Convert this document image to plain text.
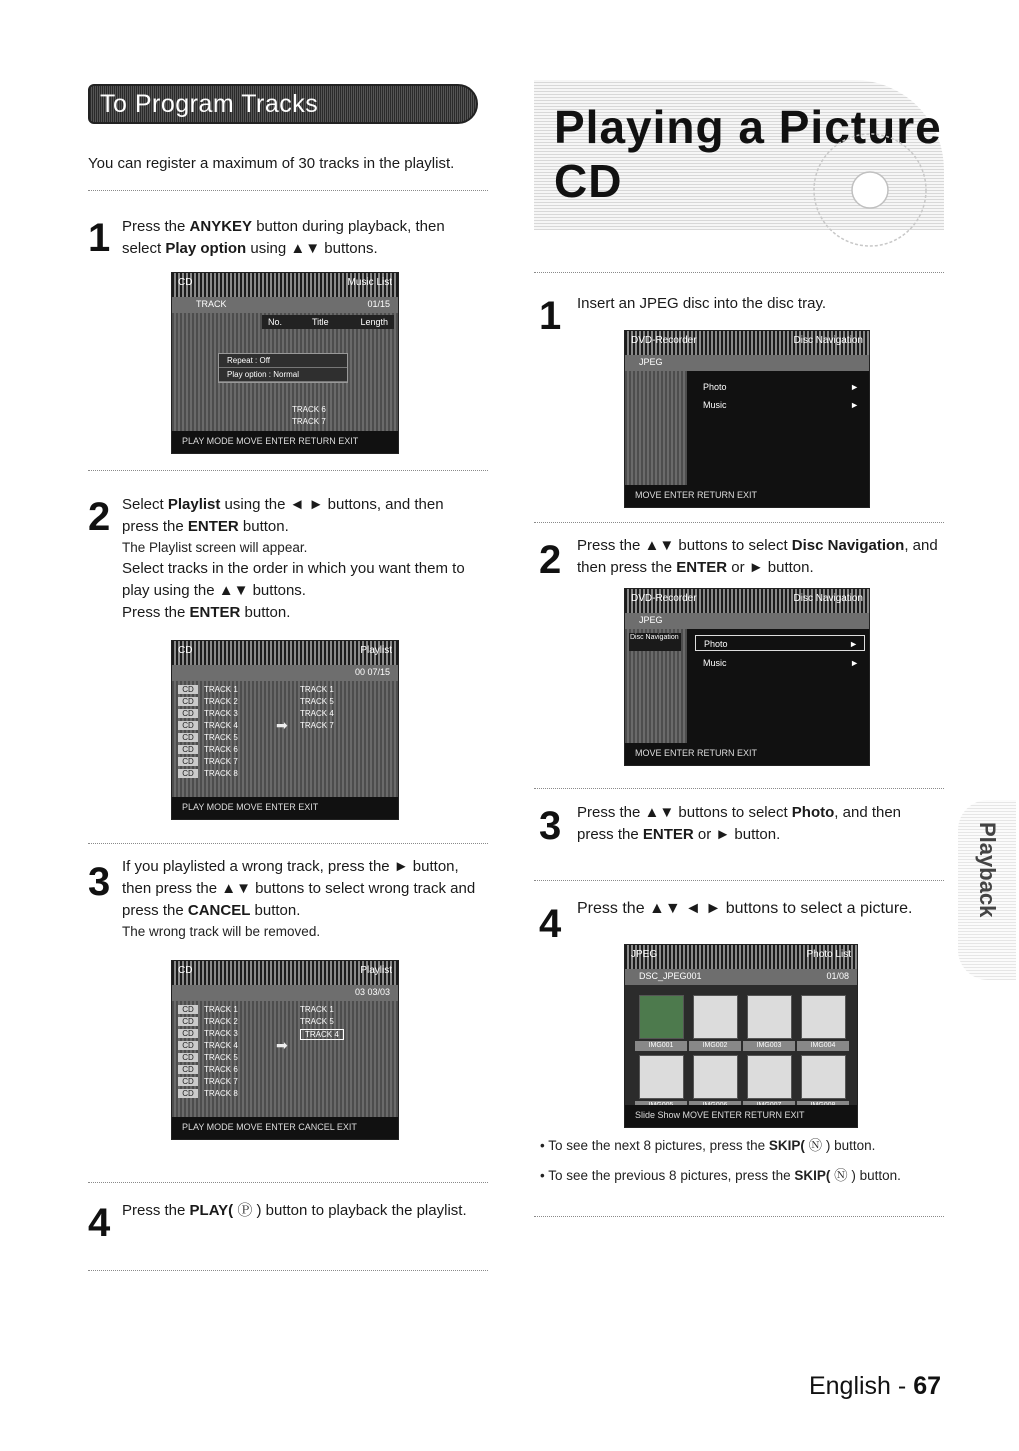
To Program Tracks
You can register a maximum of 30 tracks in the playlist.
1 Press the ANYKEY button during playback, then select Play option using ▲▼ buttons.
CD	Music List
TRACK	01/15
No.	Title	Length
Repeat : Off
Play option : Normal
TRACK 6
TRACK 7
PLAY MODE MOVE ENTER RETURN EXIT
2 Select Playlist using the ◄ ► buttons, and then press the ENTER button.
The Playlist screen will appear.
Select tracks in the order in which you want them to play using the ▲▼ buttons.
Press the ENTER button.
CD	Playlist
00 07/15
CD TRACK 1
CD TRACK 2
CD TRACK 3
CD TRACK 4
CD TRACK 5
CD TRACK 6
CD TRACK 7
CD TRACK 8
➡
TRACK 1
TRACK 5
TRACK 4
TRACK 7
PLAY MODE MOVE ENTER EXIT
3 If you playlisted a wrong track, press the ► button, then press the ▲▼ buttons to select wrong track and press the CANCEL button.
The wrong track will be removed.
CD	Playlist
03 03/03
CD TRACK 1
CD TRACK 2
CD TRACK 3
CD TRACK 4
CD TRACK 5
CD TRACK 6
CD TRACK 7
CD TRACK 8
➡
TRACK 1
TRACK 5
TRACK 4
PLAY MODE MOVE ENTER CANCEL EXIT
4 Press the PLAY( Ⓟ ) button to playback the playlist.
Playing a Picture CD
1 Insert an JPEG disc into the disc tray.
DVD-Recorder	Disc Navigation
JPEG
Photo	►
Music	►
MOVE ENTER RETURN EXIT
2 Press the ▲▼ buttons to select Disc Navigation, and then press the ENTER or ► button.
DVD-Recorder	Disc Navigation
JPEG
Disc Navigation
Photo	►
Music	►
MOVE ENTER RETURN EXIT
3 Press the ▲▼ buttons to select Photo, and then press the ENTER or ► button.
4 Press the ▲▼ ◄ ► buttons to select a picture.
JPEG	Photo List
DSC_JPEG001	01/08
IMG001	IMG002	IMG003	IMG004
Slide Show MOVE ENTER RETURN EXIT
• To see the next 8 pictures, press the SKIP( Ⓝ ) button.
• To see the previous 8 pictures, press the SKIP( Ⓝ ) button.
Playback
English - 67
